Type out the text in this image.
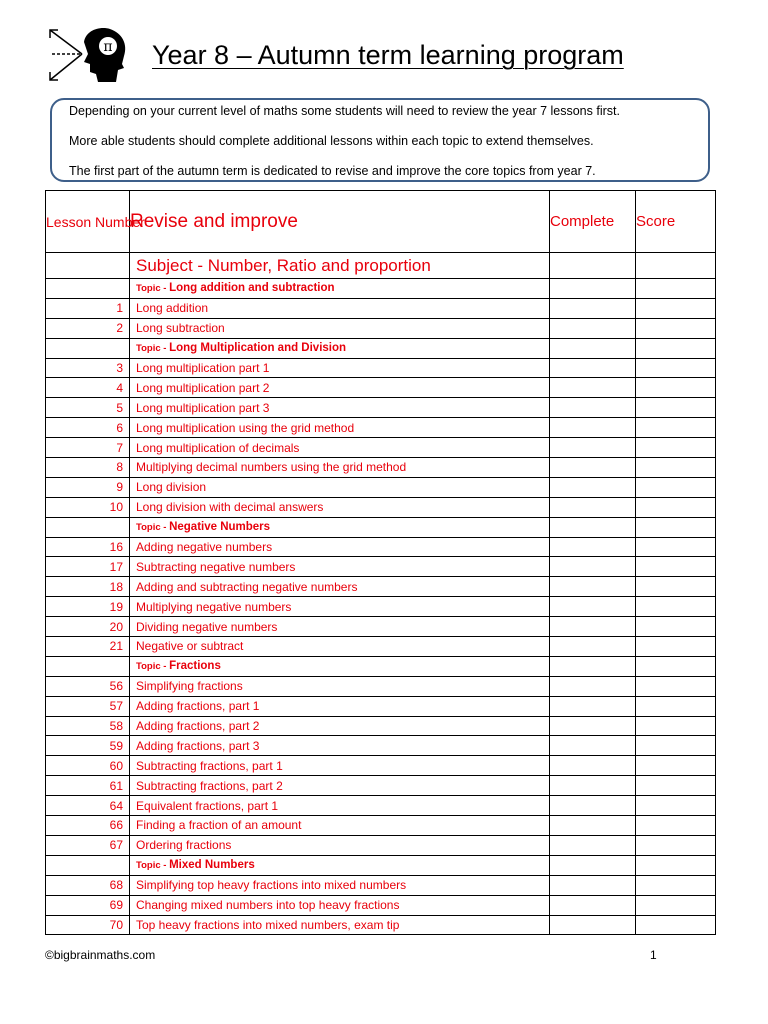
π Year 8 – Autumn term learning program

Depending on your current level of maths some students will need to review the year 7 lessons first.

More able students should complete additional lessons within each topic to extend themselves.

The first part of the autumn term is dedicated to revise and improve the core topics from year 7.

Lesson Number	Revise and improve	Complete	Score
	Subject - Number, Ratio and proportion		
	Topic - Long addition and subtraction		
1	Long addition		
2	Long subtraction		
	Topic - Long Multiplication and Division		
3	Long multiplication part 1		
4	Long multiplication part 2		
5	Long multiplication part 3		
6	Long multiplication using the grid method		
7	Long multiplication of decimals		
8	Multiplying decimal numbers using the grid method		
9	Long division		
10	Long division with decimal answers		
	Topic - Negative Numbers		
16	Adding negative numbers		
17	Subtracting negative numbers		
18	Adding and subtracting negative numbers		
19	Multiplying negative numbers		
20	Dividing negative numbers		
21	Negative or subtract		
	Topic - Fractions		
56	Simplifying fractions		
57	Adding fractions, part 1		
58	Adding fractions, part 2		
59	Adding fractions, part 3		
60	Subtracting fractions, part 1		
61	Subtracting fractions, part 2		
64	Equivalent fractions, part 1		
66	Finding a fraction of an amount		
67	Ordering fractions		
	Topic - Mixed Numbers		
68	Simplifying top heavy fractions into mixed numbers		
69	Changing mixed numbers into top heavy fractions		
70	Top heavy fractions into mixed numbers, exam tip		
©bigbrainmaths.com	1
